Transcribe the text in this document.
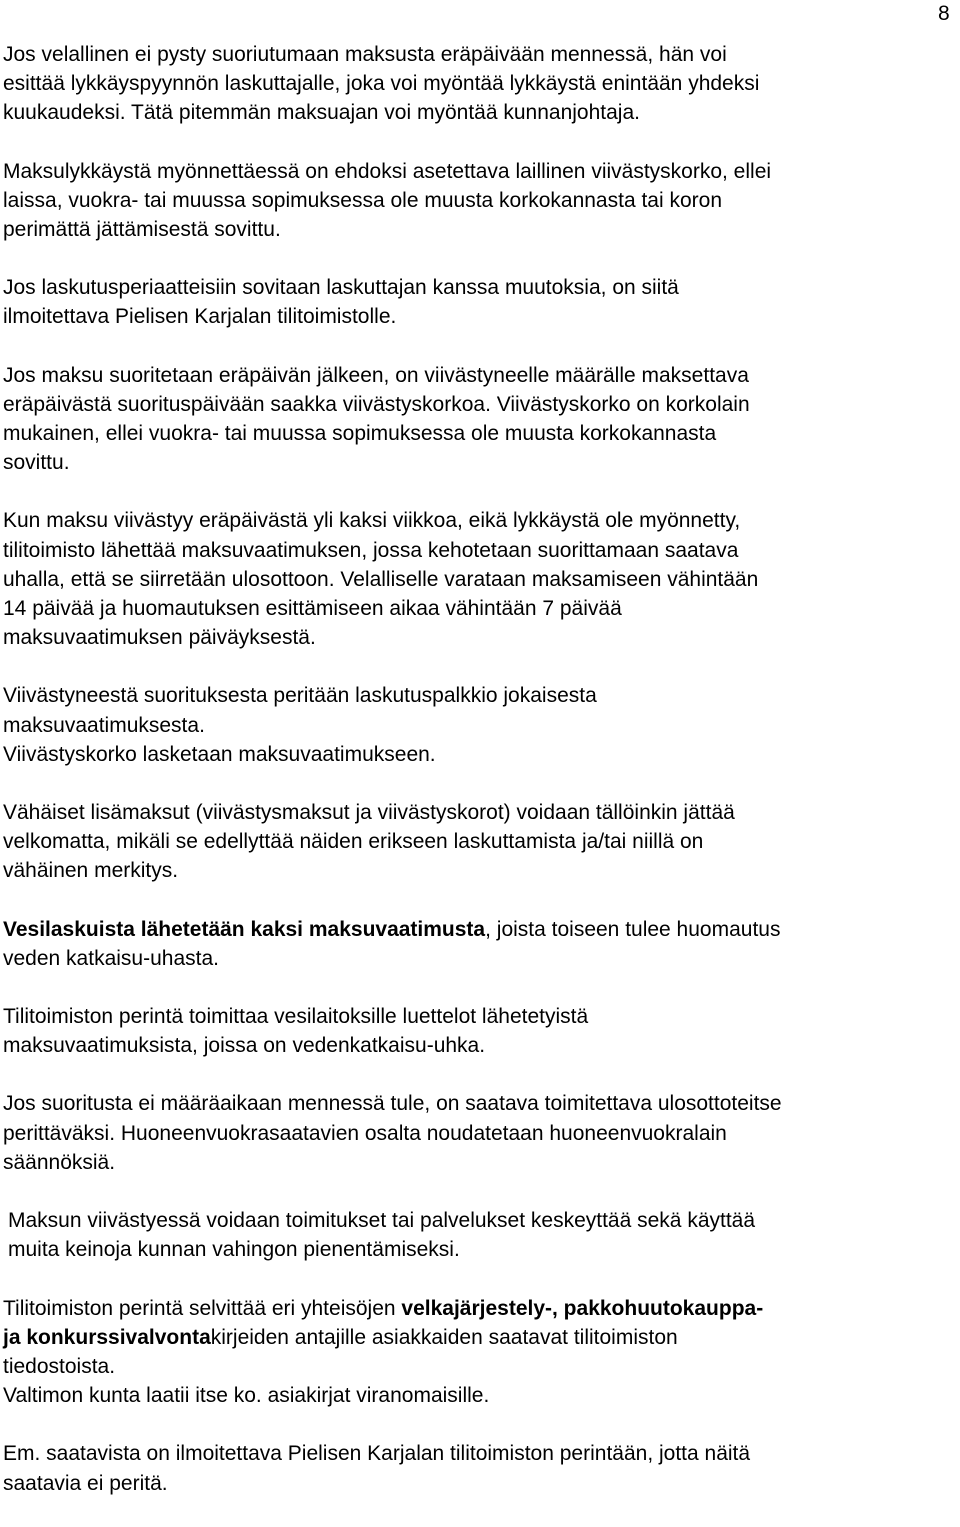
8

Jos velallinen ei pysty suoriutumaan maksusta eräpäivään mennessä, hän voi
esittää lykkäyspyynnön laskuttajalle, joka voi myöntää lykkäystä enintään yhdeksi
kuukaudeksi. Tätä pitemmän maksuajan voi myöntää kunnanjohtaja.

Maksulykkäystä myönnettäessä on ehdoksi asetettava laillinen viivästyskorko, ellei
laissa, vuokra- tai muussa sopimuksessa ole muusta korkokannasta tai koron
perimättä jättämisestä sovittu.

Jos laskutusperiaatteisiin sovitaan laskuttajan kanssa muutoksia, on siitä
ilmoitettava Pielisen Karjalan tilitoimistolle.

Jos maksu suoritetaan eräpäivän jälkeen, on viivästyneelle määrälle maksettava
eräpäivästä suorituspäivään saakka viivästyskorkoa. Viivästyskorko on korkolain
mukainen, ellei vuokra- tai muussa sopimuksessa ole muusta korkokannasta
sovittu.

Kun maksu viivästyy eräpäivästä yli kaksi viikkoa, eikä lykkäystä ole myönnetty,
tilitoimisto lähettää maksuvaatimuksen, jossa kehotetaan suorittamaan saatava
uhalla, että se siirretään ulosottoon. Velalliselle varataan maksamiseen vähintään
14 päivää ja huomautuksen esittämiseen aikaa vähintään 7 päivää
maksuvaatimuksen päiväyksestä.

Viivästyneestä suorituksesta peritään laskutuspalkkio jokaisesta
maksuvaatimuksesta.
Viivästyskorko lasketaan maksuvaatimukseen.

Vähäiset lisämaksut (viivästysmaksut ja viivästyskorot) voidaan tällöinkin jättää
velkomatta, mikäli se edellyttää näiden erikseen laskuttamista ja/tai niillä on
vähäinen merkitys.

Vesilaskuista lähetetään kaksi maksuvaatimusta, joista toiseen tulee huomautus
veden katkaisu-uhasta.

Tilitoimiston perintä toimittaa vesilaitoksille luettelot lähetetyistä
maksuvaatimuksista, joissa on vedenkatkaisu-uhka.

Jos suoritusta ei määräaikaan mennessä tule, on saatava toimitettava ulosottoteitse
perittäväksi. Huoneenvuokrasaatavien osalta noudatetaan huoneenvuokralain
säännöksiä.

Maksun viivästyessä voidaan toimitukset tai palvelukset keskeyttää sekä käyttää
muita keinoja kunnan vahingon pienentämiseksi.

Tilitoimiston perintä selvittää eri yhteisöjen velkajärjestely-, pakkohuutokauppa-
ja konkurssivalvontakirjeiden antajille asiakkaiden saatavat tilitoimiston
tiedostoista.
Valtimon kunta laatii itse ko. asiakirjat viranomaisille.

Em. saatavista on ilmoitettava Pielisen Karjalan tilitoimiston perintään, jotta näitä
saatavia ei peritä.
